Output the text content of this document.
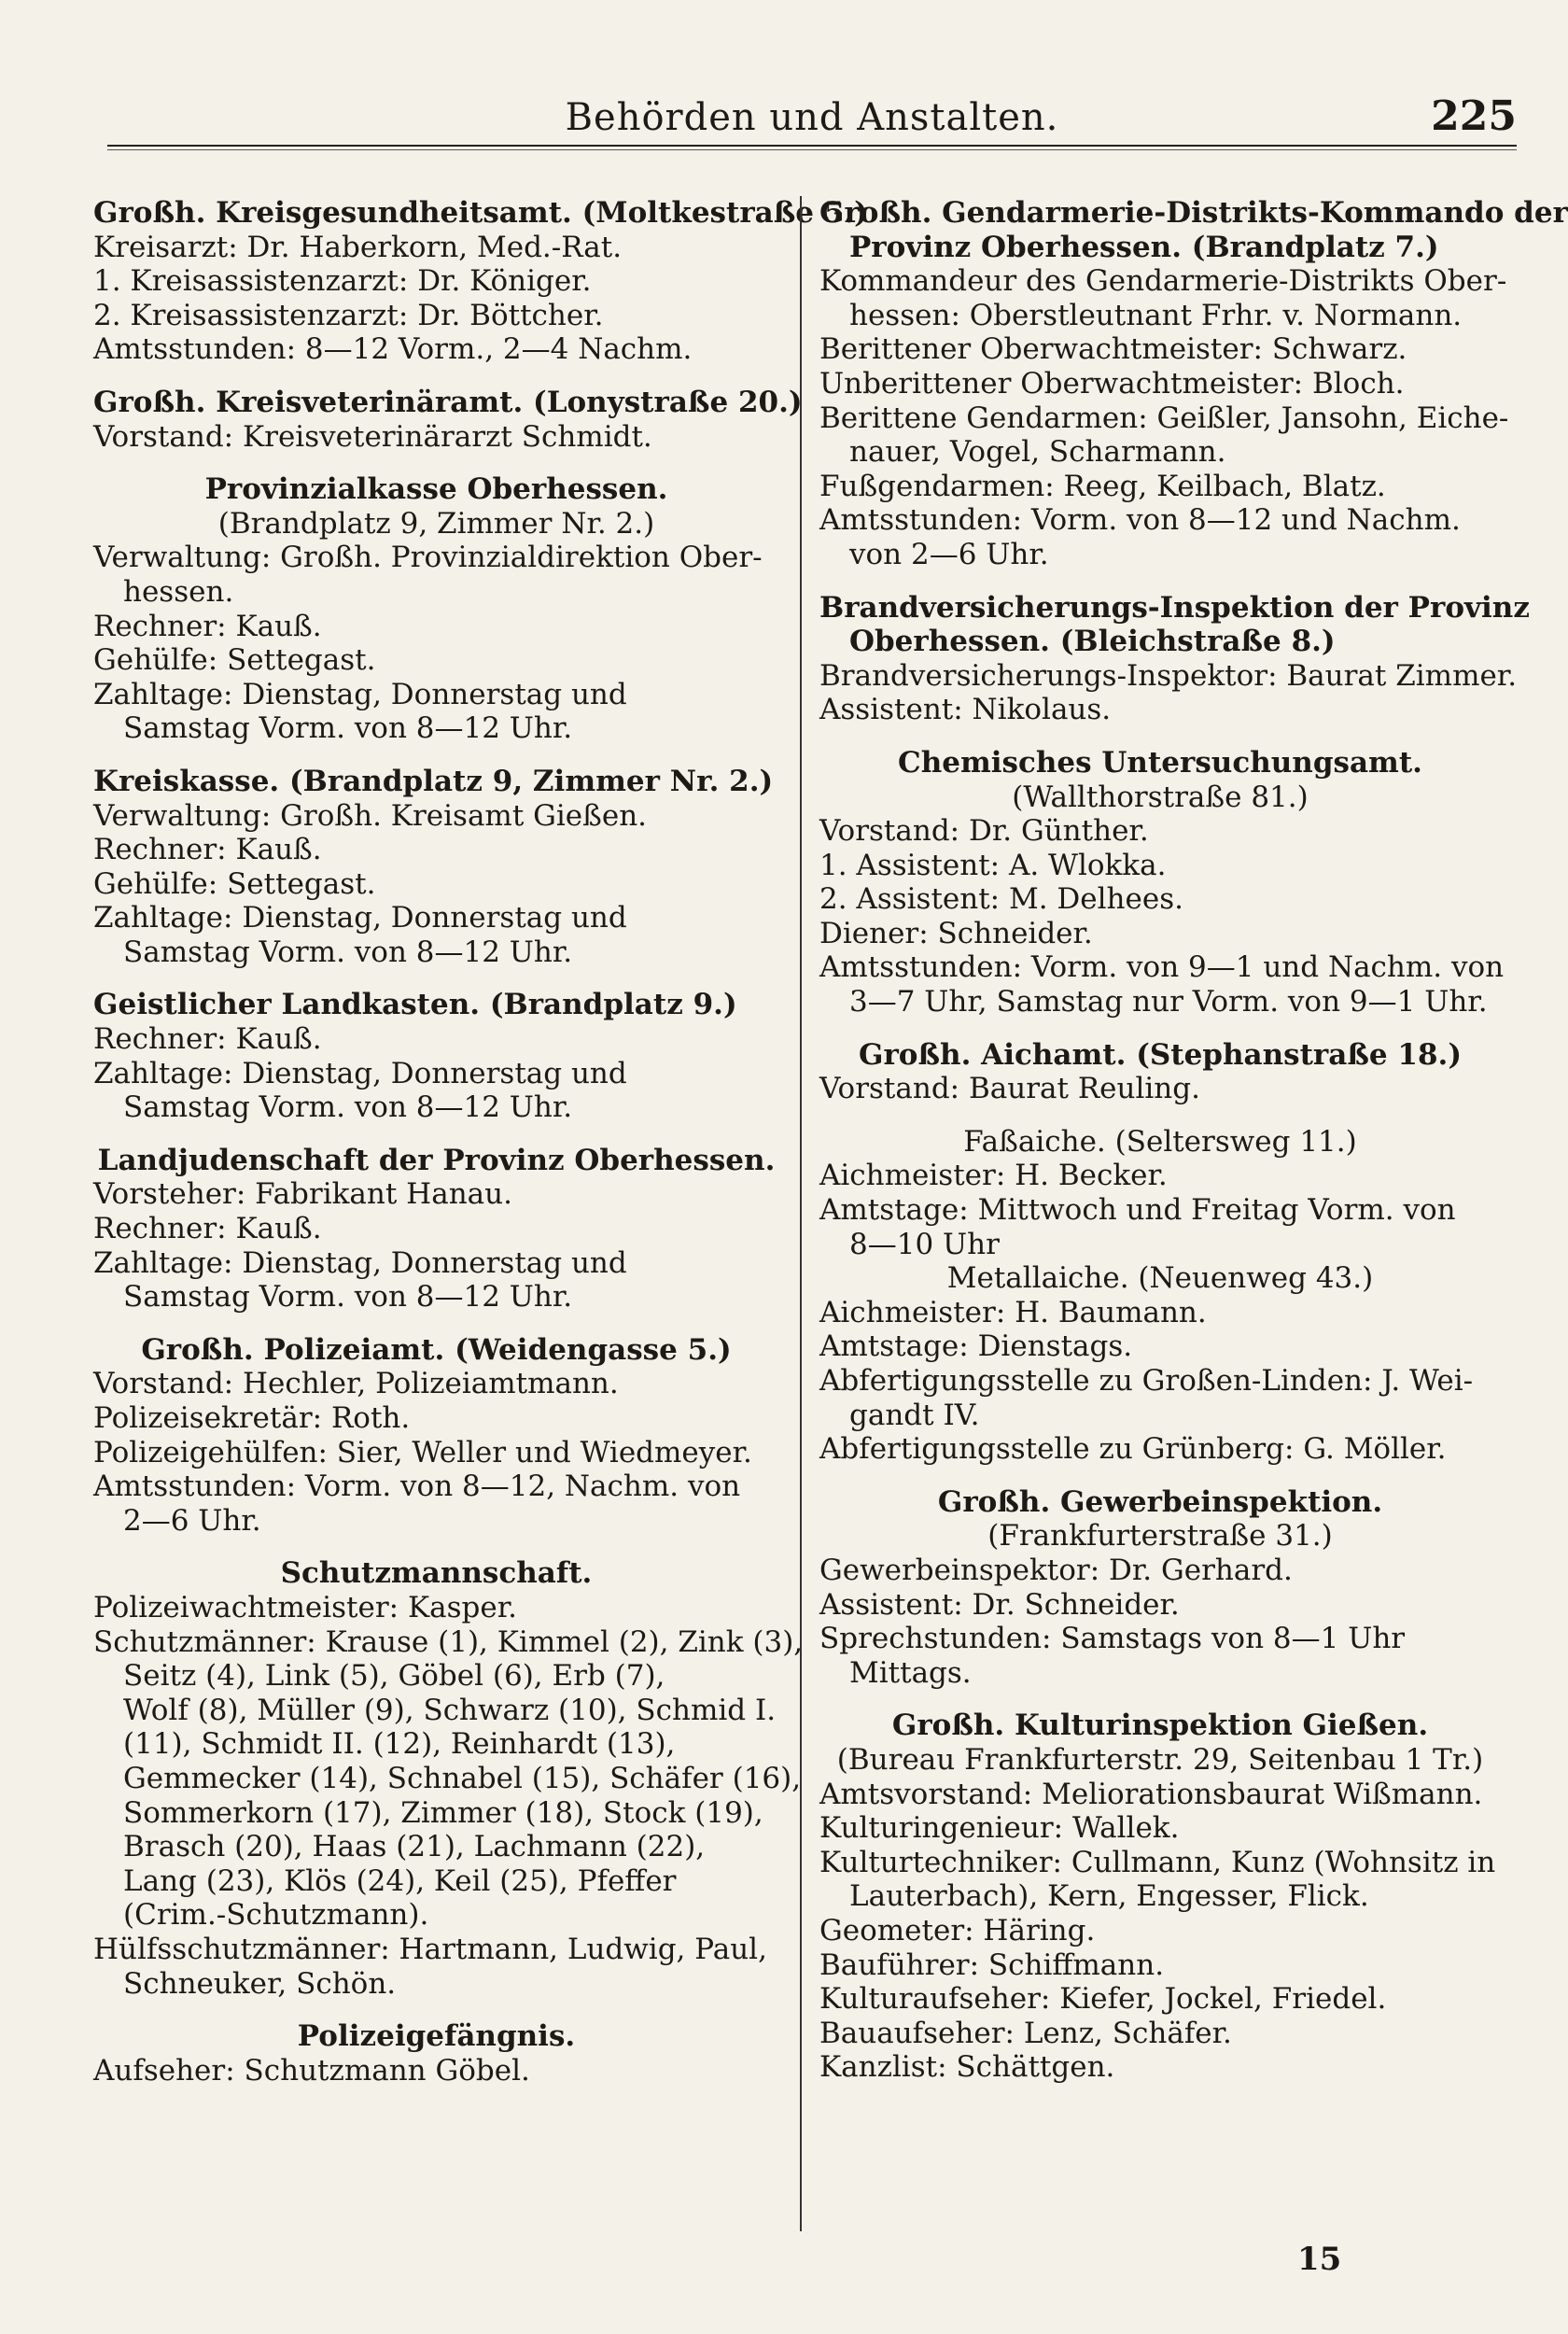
Behörden und Anstalten.	225
Großh. Kreisgesundheitsamt. (Moltkestraße 5.)
Kreisarzt: Dr. Haberkorn, Med.-Rat.
1. Kreisassistenzarzt: Dr. Königer.
2. Kreisassistenzarzt: Dr. Böttcher.
Amtsstunden: 8—12 Vorm., 2—4 Nachm.
Großh. Kreisveterinäramt. (Lonystraße 20.)
Vorstand: Kreisveterinärarzt Schmidt.
Provinzialkasse Oberhessen.
(Brandplatz 9, Zimmer Nr. 2.)
Verwaltung: Großh. Provinzialdirektion Ober-
hessen.
Rechner: Kauß.
Gehülfe: Settegast.
Zahltage: Dienstag, Donnerstag und
Samstag Vorm. von 8—12 Uhr.
Kreiskasse. (Brandplatz 9, Zimmer Nr. 2.)
Verwaltung: Großh. Kreisamt Gießen.
Rechner: Kauß.
Gehülfe: Settegast.
Zahltage: Dienstag, Donnerstag und
Samstag Vorm. von 8—12 Uhr.
Geistlicher Landkasten. (Brandplatz 9.)
Rechner: Kauß.
Zahltage: Dienstag, Donnerstag und
Samstag Vorm. von 8—12 Uhr.
Landjudenschaft der Provinz Oberhessen.
Vorsteher: Fabrikant Hanau.
Rechner: Kauß.
Zahltage: Dienstag, Donnerstag und
Samstag Vorm. von 8—12 Uhr.
Großh. Polizeiamt. (Weidengasse 5.)
Vorstand: Hechler, Polizeiamtmann.
Polizeisekretär: Roth.
Polizeigehülfen: Sier, Weller und Wiedmeyer.
Amtsstunden: Vorm. von 8—12, Nachm. von
2—6 Uhr.
Schutzmannschaft.
Polizeiwachtmeister: Kasper.
Schutzmänner: Krause (1), Kimmel (2), Zink (3),
Seitz (4), Link (5), Göbel (6), Erb (7),
Wolf (8), Müller (9), Schwarz (10), Schmid I.
(11), Schmidt II. (12), Reinhardt (13),
Gemmecker (14), Schnabel (15), Schäfer (16),
Sommerkorn (17), Zimmer (18), Stock (19),
Brasch (20), Haas (21), Lachmann (22),
Lang (23), Klös (24), Keil (25), Pfeffer
(Crim.-Schutzmann).
Hülfsschutzmänner: Hartmann, Ludwig, Paul,
Schneuker, Schön.
Polizeigefängnis.
Aufseher: Schutzmann Göbel.
Großh. Gendarmerie-Distrikts-Kommando der
Provinz Oberhessen. (Brandplatz 7.)
Kommandeur des Gendarmerie-Distrikts Ober-
hessen: Oberstleutnant Frhr. v. Normann.
Berittener Oberwachtmeister: Schwarz.
Unberittener Oberwachtmeister: Bloch.
Berittene Gendarmen: Geißler, Jansohn, Eiche-
nauer, Vogel, Scharmann.
Fußgendarmen: Reeg, Keilbach, Blatz.
Amtsstunden: Vorm. von 8—12 und Nachm.
von 2—6 Uhr.
Brandversicherungs-Inspektion der Provinz
Oberhessen. (Bleichstraße 8.)
Brandversicherungs-Inspektor: Baurat Zimmer.
Assistent: Nikolaus.
Chemisches Untersuchungsamt.
(Wallthorstraße 81.)
Vorstand: Dr. Günther.
1. Assistent: A. Wlokka.
2. Assistent: M. Delhees.
Diener: Schneider.
Amtsstunden: Vorm. von 9—1 und Nachm. von
3—7 Uhr, Samstag nur Vorm. von 9—1 Uhr.
Großh. Aichamt. (Stephanstraße 18.)
Vorstand: Baurat Reuling.
Faßaiche. (Seltersweg 11.)
Aichmeister: H. Becker.
Amtstage: Mittwoch und Freitag Vorm. von
8—10 Uhr
Metallaiche. (Neuenweg 43.)
Aichmeister: H. Baumann.
Amtstage: Dienstags.
Abfertigungsstelle zu Großen-Linden: J. Wei-
gandt IV.
Abfertigungsstelle zu Grünberg: G. Möller.
Großh. Gewerbeinspektion.
(Frankfurterstraße 31.)
Gewerbeinspektor: Dr. Gerhard.
Assistent: Dr. Schneider.
Sprechstunden: Samstags von 8—1 Uhr
Mittags.
Großh. Kulturinspektion Gießen.
(Bureau Frankfurterstr. 29, Seitenbau 1 Tr.)
Amtsvorstand: Meliorationsbaurat Wißmann.
Kulturingenieur: Wallek.
Kulturtechniker: Cullmann, Kunz (Wohnsitz in
Lauterbach), Kern, Engesser, Flick.
Geometer: Häring.
Bauführer: Schiffmann.
Kulturaufseher: Kiefer, Jockel, Friedel.
Bauaufseher: Lenz, Schäfer.
Kanzlist: Schättgen.
15
